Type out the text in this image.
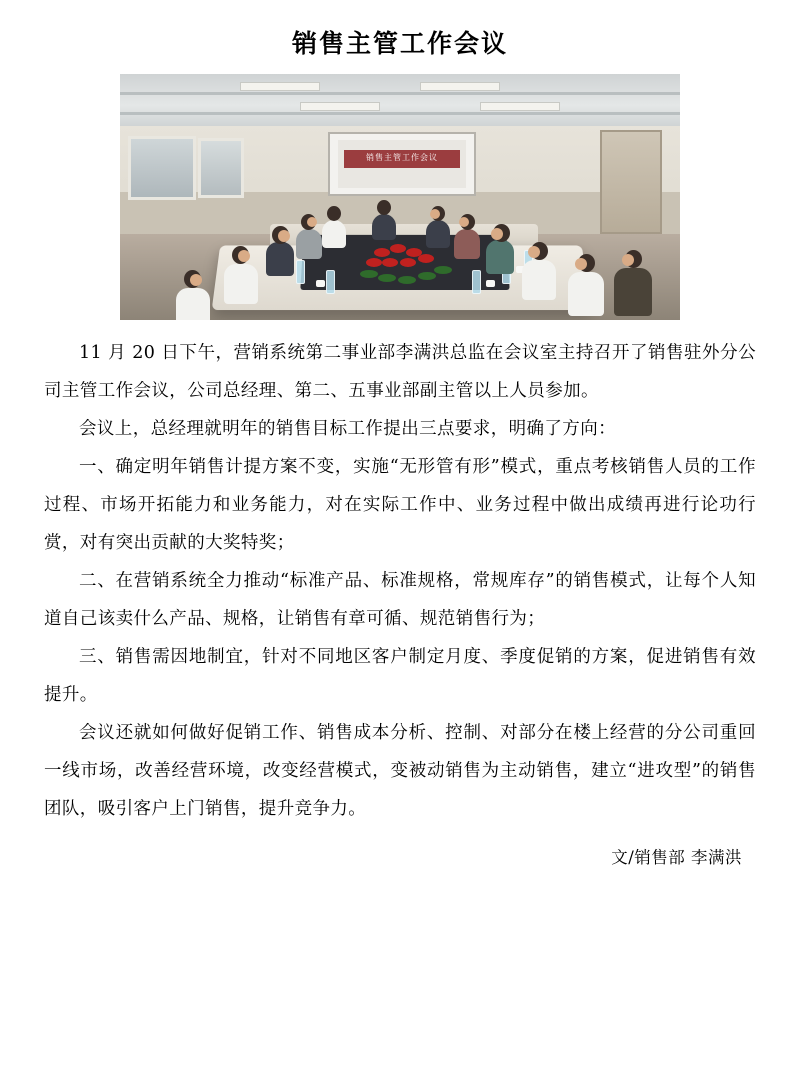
销售主管工作会议
销售主管工作会议

11 月 20 日下午，营销系统第二事业部李满洪总监在会议室主持召开了销售驻外分公司主管工作会议，公司总经理、第二、五事业部副主管以上人员参加。

会议上，总经理就明年的销售目标工作提出三点要求，明确了方向：

一、确定明年销售计提方案不变，实施“无形管有形”模式，重点考核销售人员的工作过程、市场开拓能力和业务能力，对在实际工作中、业务过程中做出成绩再进行论功行赏，对有突出贡献的大奖特奖；

二、在营销系统全力推动“标准产品、标准规格，常规库存”的销售模式，让每个人知道自己该卖什么产品、规格，让销售有章可循、规范销售行为；

三、销售需因地制宜，针对不同地区客户制定月度、季度促销的方案，促进销售有效提升。

会议还就如何做好促销工作、销售成本分析、控制、对部分在楼上经营的分公司重回一线市场，改善经营环境，改变经营模式，变被动销售为主动销售，建立“进攻型”的销售团队，吸引客户上门销售，提升竞争力。

文/销售部 李满洪
